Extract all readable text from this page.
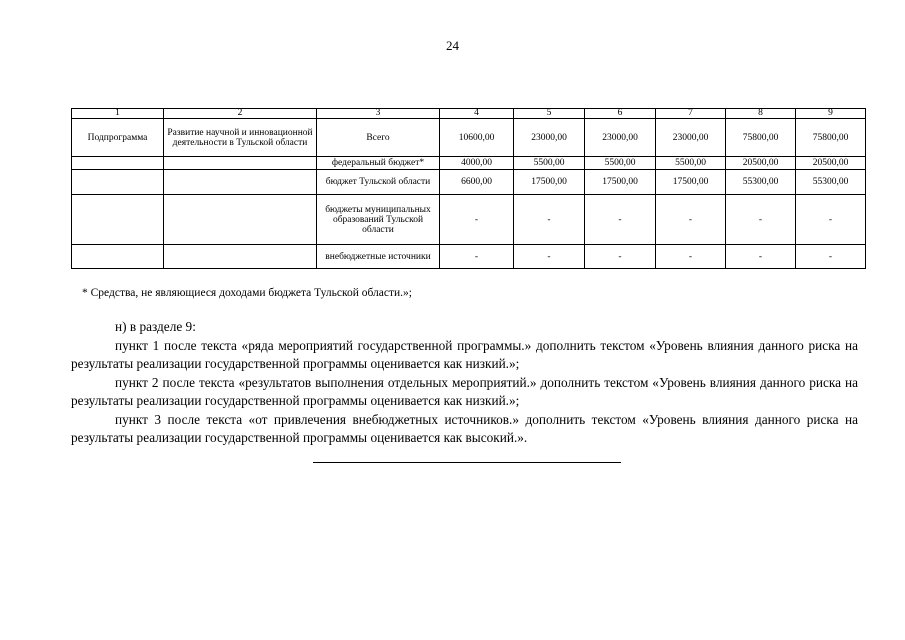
24
1	2	3	4	5	6	7	8	9
Подпрограмма	Развитие научной и инновационной деятельности в Тульской области	Всего	10600,00	23000,00	23000,00	23000,00	75800,00	75800,00
		федеральный бюджет*	4000,00	5500,00	5500,00	5500,00	20500,00	20500,00
		бюджет Тульской области	6600,00	17500,00	17500,00	17500,00	55300,00	55300,00
		бюджеты муниципальных образований Тульской области	-	-	-	-	-	-
		внебюджетные источники	-	-	-	-	-	-
* Средства, не являющиеся доходами бюджета Тульской области.»;

н) в разделе 9:

пункт 1 после текста «ряда мероприятий государственной программы.» дополнить текстом «Уровень влияния данного риска на результаты реализации государственной программы оценивается как низкий.»;

пункт 2 после текста «результатов выполнения отдельных мероприятий.» дополнить текстом «Уровень влияния данного риска на результаты реализации государственной программы оценивается как низкий.»;

пункт 3 после текста «от привлечения внебюджетных источников.» дополнить текстом «Уровень влияния данного риска на результаты реализации государственной программы оценивается как высокий.».
